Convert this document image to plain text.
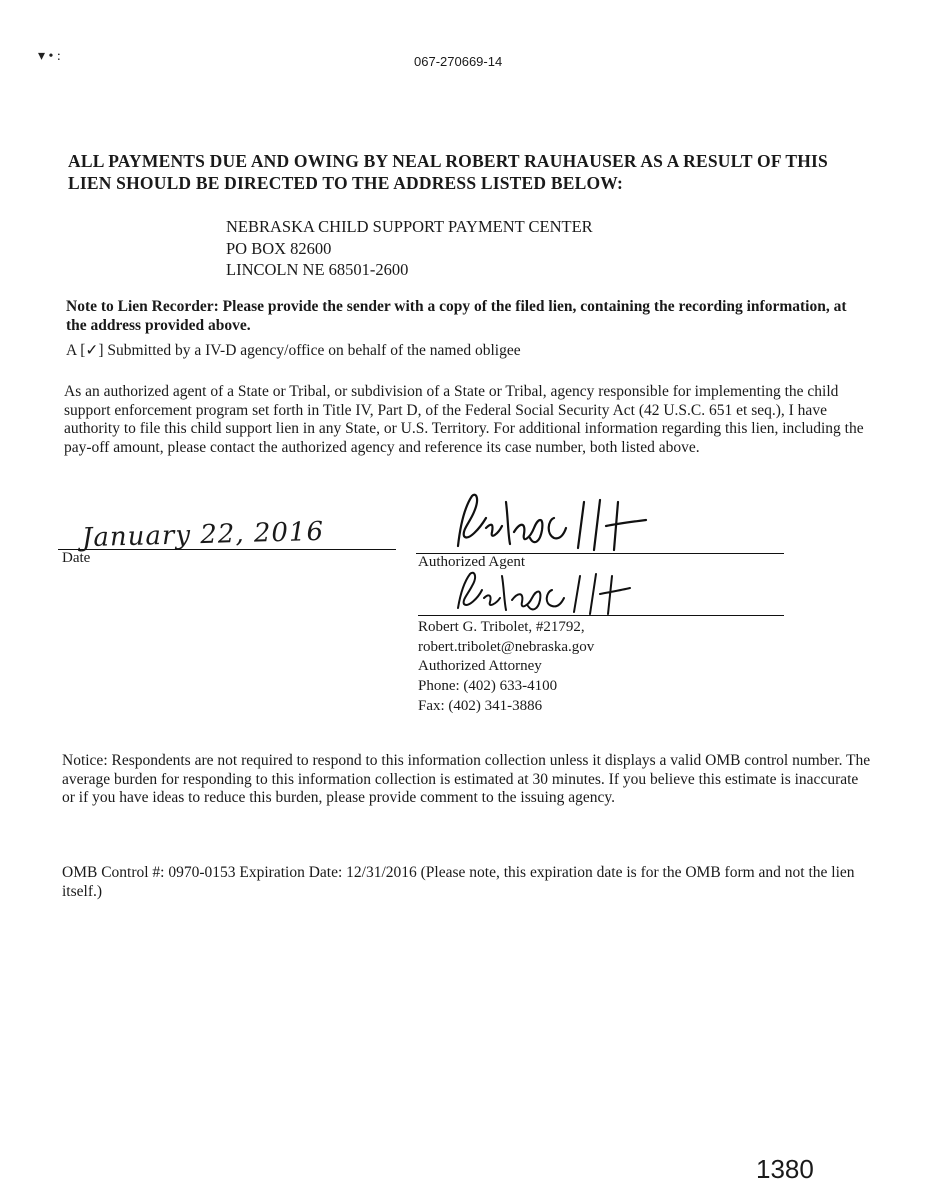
067-270669-14
▾ • :

ALL PAYMENTS DUE AND OWING BY NEAL ROBERT RAUHAUSER AS A RESULT OF THIS LIEN SHOULD BE DIRECTED TO THE ADDRESS LISTED BELOW:

NEBRASKA CHILD SUPPORT PAYMENT CENTER

PO BOX 82600

LINCOLN NE 68501-2600

Note to Lien Recorder: Please provide the sender with a copy of the filed lien, containing the recording information, at the address provided above.

A [✓] Submitted by a IV-D agency/office on behalf of the named obligee

As an authorized agent of a State or Tribal, or subdivision of a State or Tribal, agency responsible for implementing the child support enforcement program set forth in Title IV, Part D, of the Federal Social Security Act (42 U.S.C. 651 et seq.), I have authority to file this child support lien in any State, or U.S. Territory. For additional information regarding this lien, including the pay-off amount, please contact the authorized agency and reference its case number, both listed above.

January 22, 2016
Date	Authorized Agent

Robert G. Tribolet, #21792,

robert.tribolet@nebraska.gov

Authorized Attorney

Phone: (402) 633-4100

Fax: (402) 341-3886

Notice: Respondents are not required to respond to this information collection unless it displays a valid OMB control number. The average burden for responding to this information collection is estimated at 30 minutes. If you believe this estimate is inaccurate or if you have ideas to reduce this burden, please provide comment to the issuing agency.

OMB Control #: 0970-0153 Expiration Date: 12/31/2016 (Please note, this expiration date is for the OMB form and not the lien itself.)

1380
